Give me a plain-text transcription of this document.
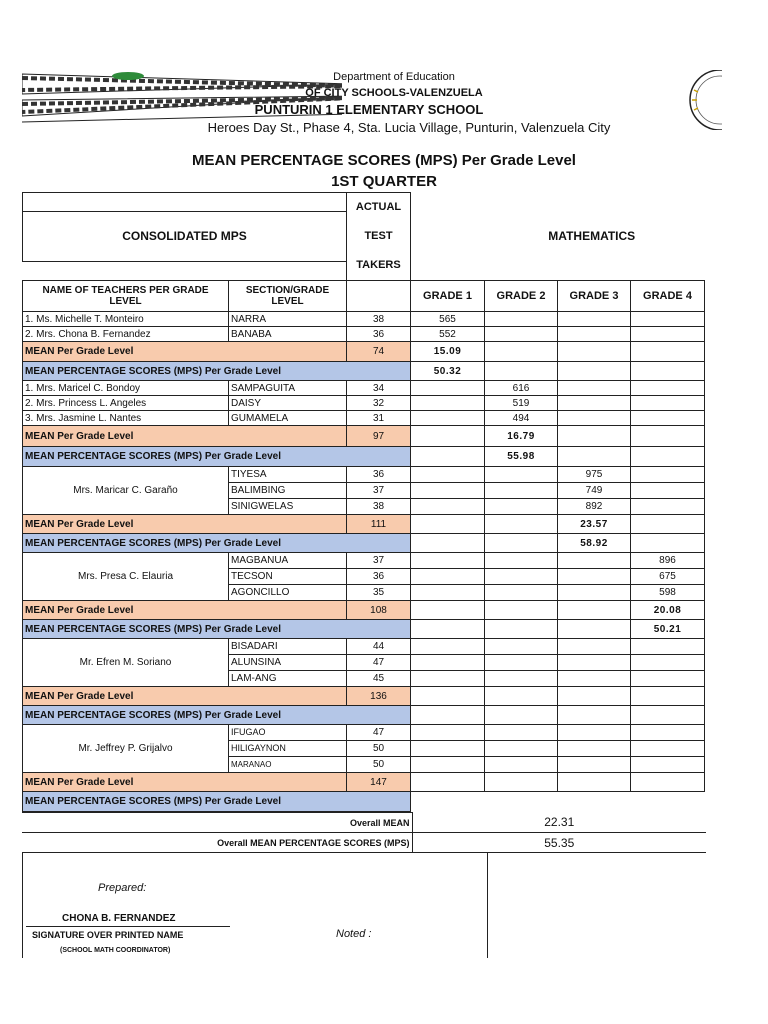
Department of Education
OF CITY SCHOOLS-VALENZUELA
PUNTURIN 1 ELEMENTARY SCHOOL
Heroes Day St., Phase 4, Sta. Lucia Village, Punturin, Valenzuela City
MEAN PERCENTAGE SCORES (MPS) Per Grade Level
1ST QUARTER

		ACTUAL
TEST
TAKERS	MATHEMATICS			
CONSOLIDATED MPS						

NAME OF TEACHERS PER GRADE LEVEL	SECTION/GRADE LEVEL		GRADE 1	GRADE 2	GRADE 3	GRADE 4
1. Ms. Michelle T. Monteiro	NARRA	38	565			
2. Mrs. Chona B. Fernandez	BANABA	36	552			
MEAN Per Grade Level		74	15.09			
MEAN PERCENTAGE SCORES (MPS) Per Grade Level			50.32			
1. Mrs. Maricel C. Bondoy	SAMPAGUITA	34		616		
2. Mrs. Princess L. Angeles	DAISY	32		519		
3. Mrs. Jasmine L. Nantes	GUMAMELA	31		494		
MEAN Per Grade Level		97		16.79		
MEAN PERCENTAGE SCORES (MPS) Per Grade Level				55.98		
Mrs. Maricar C. Garaño	TIYESA	36			975	
	BALIMBING	37			749	
	SINIGWELAS	38			892	
MEAN Per Grade Level		111			23.57	
MEAN PERCENTAGE SCORES (MPS) Per Grade Level					58.92	
Mrs. Presa C. Elauria	MAGBANUA	37				896
	TECSON	36				675
	AGONCILLO	35				598
MEAN Per Grade Level		108				20.08
MEAN PERCENTAGE SCORES (MPS) Per Grade Level						50.21
Mr. Efren M. Soriano	BISADARI	44				
	ALUNSINA	47				
	LAM-ANG	45				
MEAN Per Grade Level		136				
MEAN PERCENTAGE SCORES (MPS) Per Grade Level						
Mr. Jeffrey P. Grijalvo	IFUGAO	47				
	HILIGAYNON	50				
	MARANAO	50				
MEAN Per Grade Level		147				
MEAN PERCENTAGE SCORES (MPS) Per Grade Level						
Overall MEAN	22.31
Overall MEAN PERCENTAGE SCORES (MPS)	55.35
Prepared:
CHONA B. FERNANDEZ
SIGNATURE OVER PRINTED NAME
(SCHOOL MATH COORDINATOR)
Noted :
